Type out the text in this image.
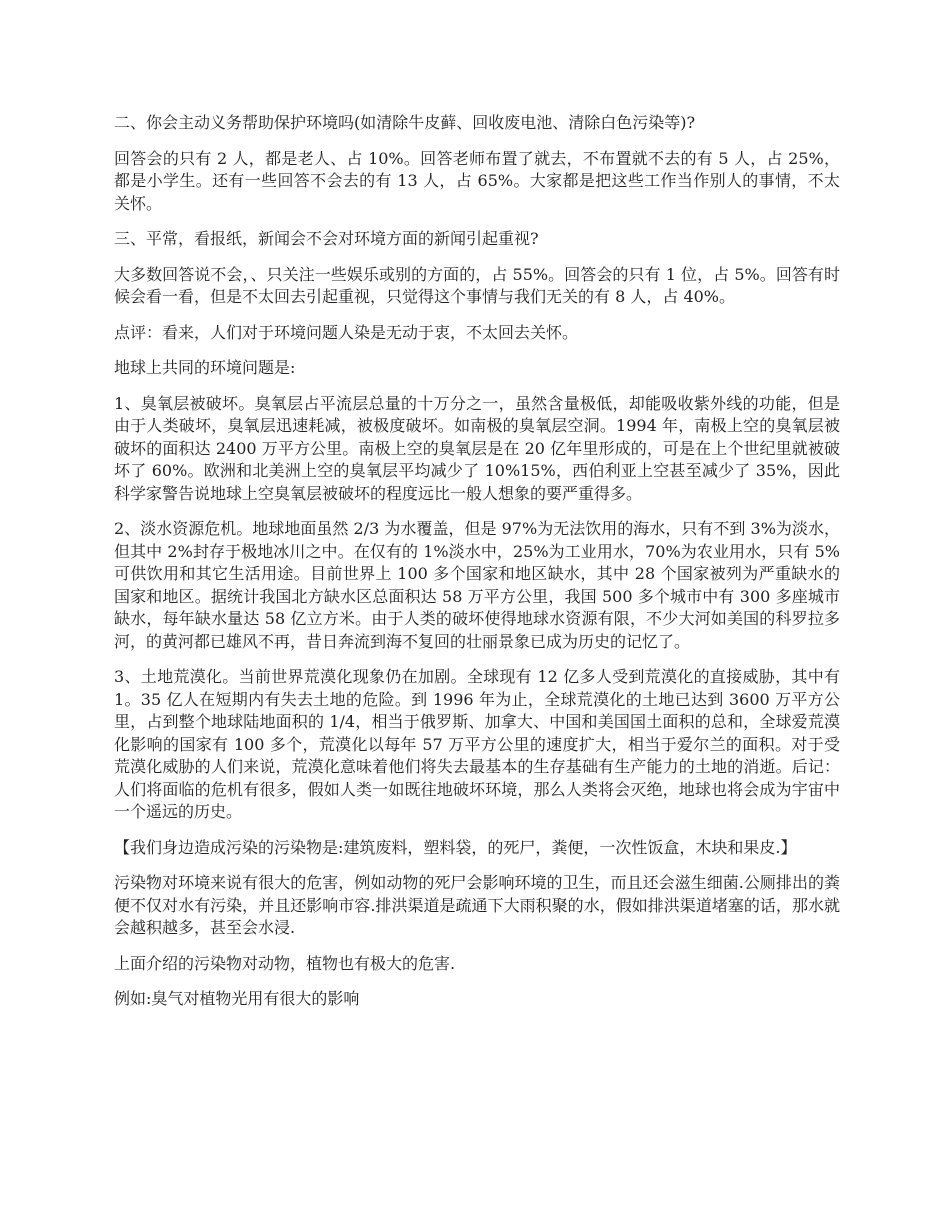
二、你会主动义务帮助保护环境吗(如清除牛皮藓、回收废电池、清除白色污染等)?

回答会的只有 2 人，都是老人、占 10%。回答老师布置了就去，不布置就不去的有 5 人，占 25%，都是小学生。还有一些回答不会去的有 13 人，占 65%。大家都是把这些工作当作别人的事情，不太关怀。

三、平常，看报纸，新闻会不会对环境方面的新闻引起重视?

大多数回答说不会，、只关注一些娱乐或别的方面的，占 55%。回答会的只有 1 位，占 5%。回答有时候会看一看，但是不太回去引起重视，只觉得这个事情与我们无关的有 8 人，占 40%。

点评：看来，人们对于环境问题人染是无动于衷，不太回去关怀。

地球上共同的环境问题是:

1、臭氧层被破坏。臭氧层占平流层总量的十万分之一，虽然含量极低，却能吸收紫外线的功能，但是由于人类破坏，臭氧层迅速耗减，被极度破坏。如南极的臭氧层空洞。1994 年，南极上空的臭氧层被破坏的面积达 2400 万平方公里。南极上空的臭氧层是在 20 亿年里形成的，可是在上个世纪里就被破坏了 60%。欧洲和北美洲上空的臭氧层平均减少了 10%15%，西伯利亚上空甚至减少了 35%，因此科学家警告说地球上空臭氧层被破坏的程度远比一般人想象的要严重得多。

2、淡水资源危机。地球地面虽然 2/3 为水覆盖，但是 97%为无法饮用的海水，只有不到 3%为淡水，但其中 2%封存于极地冰川之中。在仅有的 1%淡水中，25%为工业用水，70%为农业用水，只有 5%可供饮用和其它生活用途。目前世界上 100 多个国家和地区缺水，其中 28 个国家被列为严重缺水的国家和地区。据统计我国北方缺水区总面积达 58 万平方公里，我国 500 多个城市中有 300 多座城市缺水，每年缺水量达 58 亿立方米。由于人类的破坏使得地球水资源有限，不少大河如美国的科罗拉多河，的黄河都已雄风不再，昔日奔流到海不复回的壮丽景象已成为历史的记忆了。

3、土地荒漠化。当前世界荒漠化现象仍在加剧。全球现有 12 亿多人受到荒漠化的直接威胁，其中有 1。35 亿人在短期内有失去土地的危险。到 1996 年为止，全球荒漠化的土地已达到 3600 万平方公里，占到整个地球陆地面积的 1/4，相当于俄罗斯、加拿大、中国和美国国土面积的总和，全球爱荒漠化影响的国家有 100 多个，荒漠化以每年 57 万平方公里的速度扩大，相当于爱尔兰的面积。对于受荒漠化威胁的人们来说，荒漠化意味着他们将失去最基本的生存基础有生产能力的土地的消逝。后记：人们将面临的危机有很多，假如人类一如既往地破坏环境，那么人类将会灭绝，地球也将会成为宇宙中一个遥远的历史。

【我们身边造成污染的污染物是:建筑废料，塑料袋，的死尸，粪便，一次性饭盒，木块和果皮.】

污染物对环境来说有很大的危害，例如动物的死尸会影响环境的卫生，而且还会滋生细菌.公厕排出的粪便不仅对水有污染，并且还影响市容.排洪渠道是疏通下大雨积聚的水，假如排洪渠道堵塞的话，那水就会越积越多，甚至会水浸.

上面介绍的污染物对动物，植物也有极大的危害.

例如:臭气对植物光用有很大的影响
